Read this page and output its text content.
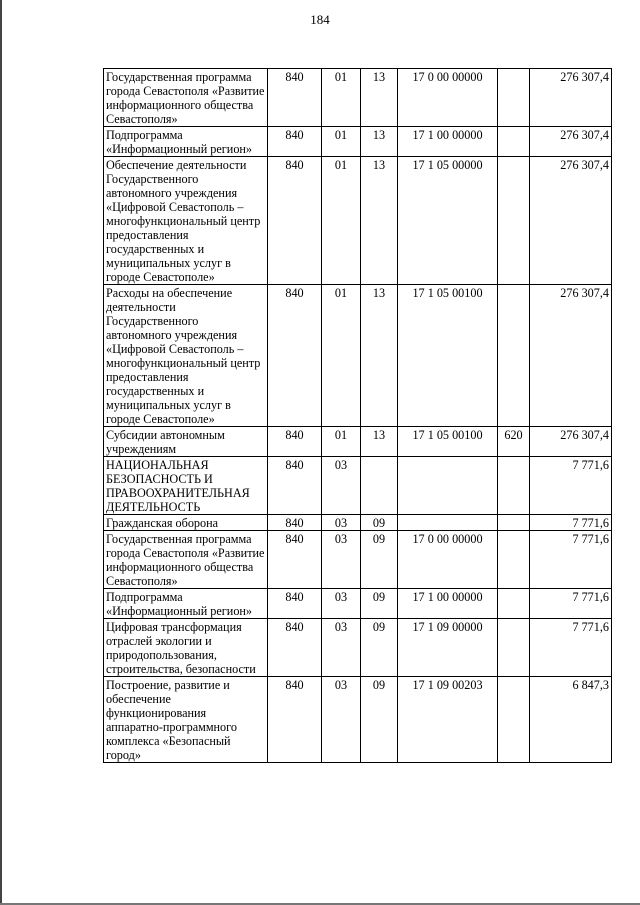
184
Государственная программа города Севастополя «Развитие информационного общества Севастополя»	840	01	13	17 0 00 00000		276 307,4
Подпрограмма «Информационный регион»	840	01	13	17 1 00 00000		276 307,4
Обеспечение деятельности Государственного автономного учреждения «Цифровой Севастополь – многофункциональный центр предоставления государственных и муниципальных услуг в городе Севастополе»	840	01	13	17 1 05 00000		276 307,4
Расходы на обеспечение деятельности Государственного автономного учреждения «Цифровой Севастополь – многофункциональный центр предоставления государственных и муниципальных услуг в городе Севастополе»	840	01	13	17 1 05 00100		276 307,4
Субсидии автономным учреждениям	840	01	13	17 1 05 00100	620	276 307,4
НАЦИОНАЛЬНАЯ БЕЗОПАСНОСТЬ И ПРАВООХРАНИТЕЛЬНАЯ ДЕЯТЕЛЬНОСТЬ	840	03				7 771,6
Гражданская оборона	840	03	09			7 771,6
Государственная программа города Севастополя «Развитие информационного общества Севастополя»	840	03	09	17 0 00 00000		7 771,6
Подпрограмма «Информационный регион»	840	03	09	17 1 00 00000		7 771,6
Цифровая трансформация отраслей экологии и природопользования, строительства, безопасности	840	03	09	17 1 09 00000		7 771,6
Построение, развитие и обеспечение функционирования аппаратно-программного комплекса «Безопасный город»	840	03	09	17 1 09 00203		6 847,3
